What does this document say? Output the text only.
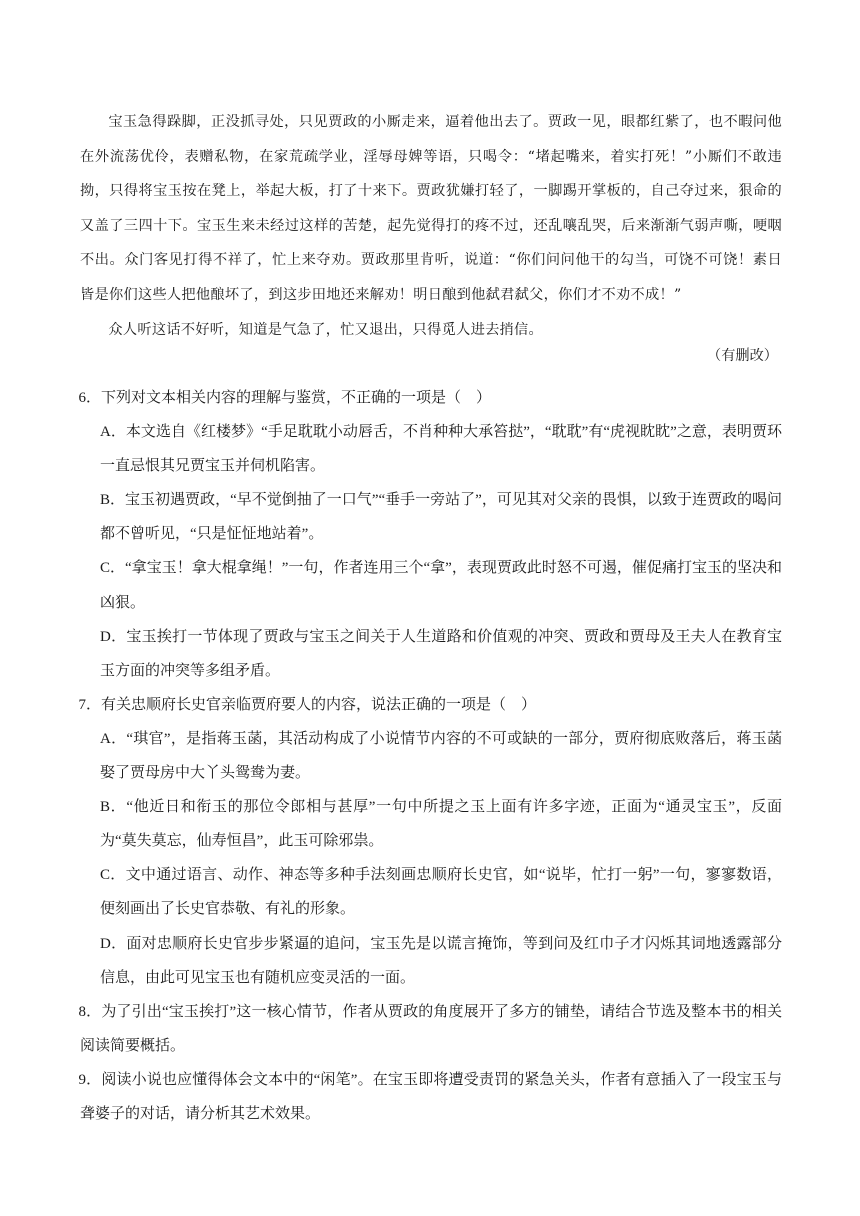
宝玉急得跺脚，正没抓寻处，只见贾政的小厮走来，逼着他出去了。贾政一见，眼都红紫了，也不暇问他在外流荡优伶，表赠私物，在家荒疏学业，淫辱母婢等语，只喝令：“堵起嘴来，着实打死！”小厮们不敢违拗，只得将宝玉按在凳上，举起大板，打了十来下。贾政犹嫌打轻了，一脚踢开掌板的，自己夺过来，狠命的又盖了三四十下。宝玉生来未经过这样的苦楚，起先觉得打的疼不过，还乱嚷乱哭，后来渐渐气弱声嘶，哽咽不出。众门客见打得不祥了，忙上来夺劝。贾政那里肯听，说道：“你们问问他干的勾当，可饶不可饶！素日皆是你们这些人把他酿坏了，到这步田地还来解劝！明日酿到他弑君弑父，你们才不劝不成！”

众人听这话不好听，知道是气急了，忙又退出，只得觅人进去捎信。

（有删改）

6．下列对文本相关内容的理解与鉴赏，不正确的一项是（　）

A．本文选自《红楼梦》“手足耽耽小动唇舌，不肖种种大承笞挞”，“耽耽”有“虎视眈眈”之意，表明贾环一直忌恨其兄贾宝玉并伺机陷害。

B．宝玉初遇贾政，“早不觉倒抽了一口气”“垂手一旁站了”，可见其对父亲的畏惧，以致于连贾政的喝问都不曾听见，“只是怔怔地站着”。

C．“拿宝玉！拿大棍拿绳！”一句，作者连用三个“拿”，表现贾政此时怒不可遏，催促痛打宝玉的坚决和凶狠。

D．宝玉挨打一节体现了贾政与宝玉之间关于人生道路和价值观的冲突、贾政和贾母及王夫人在教育宝玉方面的冲突等多组矛盾。

7．有关忠顺府长史官亲临贾府要人的内容，说法正确的一项是（　）

A．“琪官”，是指蒋玉菡，其活动构成了小说情节内容的不可或缺的一部分，贾府彻底败落后，蒋玉菡娶了贾母房中大丫头鸳鸯为妻。

B．“他近日和衔玉的那位令郎相与甚厚”一句中所提之玉上面有许多字迹，正面为“通灵宝玉”，反面为“莫失莫忘，仙寿恒昌”，此玉可除邪祟。

C．文中通过语言、动作、神态等多种手法刻画忠顺府长史官，如“说毕，忙打一躬”一句，寥寥数语，便刻画出了长史官恭敬、有礼的形象。

D．面对忠顺府长史官步步紧逼的追问，宝玉先是以谎言掩饰，等到问及红巾子才闪烁其词地透露部分信息，由此可见宝玉也有随机应变灵活的一面。

8．为了引出“宝玉挨打”这一核心情节，作者从贾政的角度展开了多方的铺垫，请结合节选及整本书的相关阅读简要概括。

9．阅读小说也应懂得体会文本中的“闲笔”。在宝玉即将遭受责罚的紧急关头，作者有意插入了一段宝玉与聋婆子的对话，请分析其艺术效果。
